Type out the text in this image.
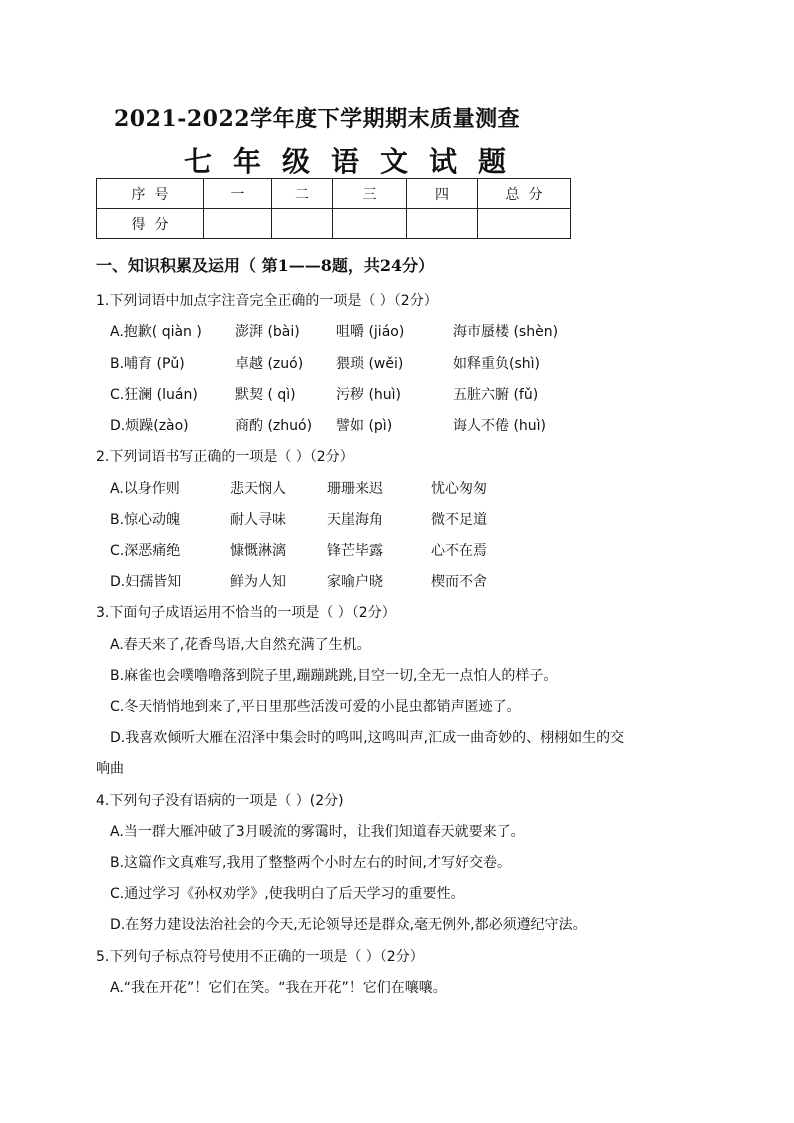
2021-2022学年度下学期期末质量测查
七年级语文试题
序  号	一	二	三	四	总  分
得  分					
一、知识积累及运用（ 第1——8题，共24分）
1.下列词语中加点字注音完全正确的一项是（ ）（2分）
A.抱歉( qiàn ) 澎湃 (bài)	咀嚼 (jiáo)	海市蜃楼 (shèn)
B.哺育 (Pǔ)	卓越 (zuó) 猥琐 (wěi)	如释重负(shì)
C.狂澜 (luán)	默契 ( qì)	污秽 (huì)	五脏六腑 (fǔ)
D.烦躁(zào)	商酌 (zhuó) 譬如 (pì)	诲人不倦 (huì)
2.下列词语书写正确的一项是（ ）（2分）
A.以身作则	悲天悯人	珊珊来迟	忧心匆匆
B.惊心动魄	耐人寻味	天崖海角	微不足道
C.深恶痛绝	慷慨淋漓	锋芒毕露	心不在焉
D.妇孺皆知	鲜为人知	家喻户晓	楔而不舍
3.下面句子成语运用不恰当的一项是（ ）（2分）
A.春天来了,花香鸟语,大自然充满了生机。
B.麻雀也会噗噜噜落到院子里,蹦蹦跳跳,目空一切,全无一点怕人的样子。
C.冬天悄悄地到来了,平日里那些活泼可爱的小昆虫都销声匿迹了。
D.我喜欢倾听大雁在沼泽中集会时的鸣叫,这鸣叫声,汇成一曲奇妙的、栩栩如生的交
响曲
4.下列句子没有语病的一项是（ ）(2分)
A.当一群大雁冲破了3月暖流的雾霭时，让我们知道春天就要来了。
B.这篇作文真难写,我用了整整两个小时左右的时间,才写好交卷。
C.通过学习《孙权劝学》,使我明白了后天学习的重要性。
D.在努力建设法治社会的今天,无论领导还是群众,毫无例外,都必须遵纪守法。
5.下列句子标点符号使用不正确的一项是（ ）（2分）
A.“我在开花”！它们在笑。“我在开花”！它们在嚷嚷。
